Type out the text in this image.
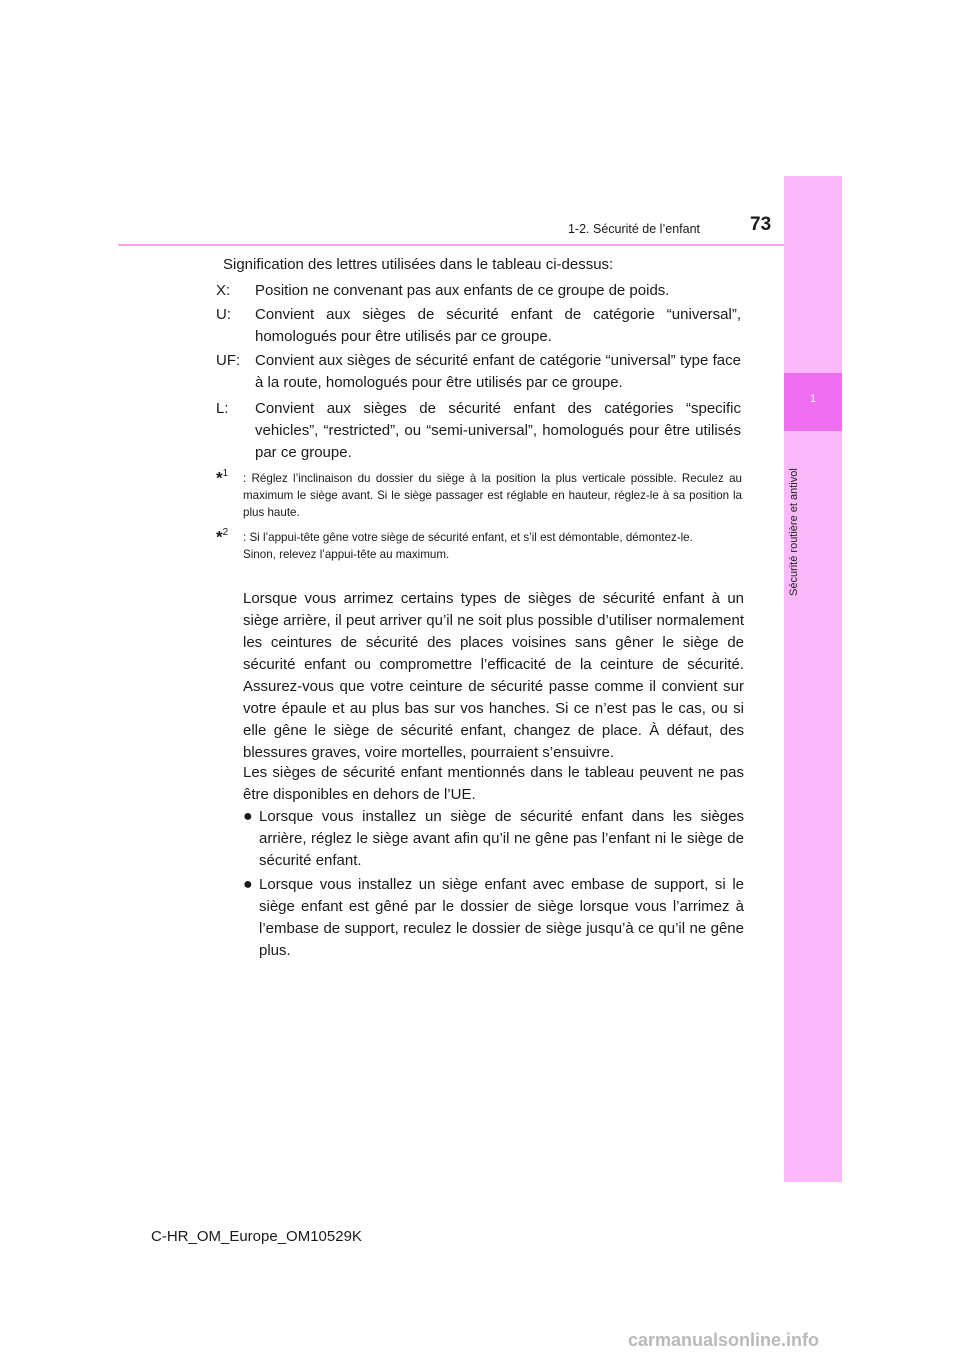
1-2. Sécurité de l’enfant	73
1
Sécurité routière et antivol
Signification des lettres utilisées dans le tableau ci-dessus:
X: Position ne convenant pas aux enfants de ce groupe de poids.
U: Convient aux sièges de sécurité enfant de catégorie “universal”, homologués pour être utilisés par ce groupe.
UF: Convient aux sièges de sécurité enfant de catégorie “universal” type face à la route, homologués pour être utilisés par ce groupe.
L: Convient aux sièges de sécurité enfant des catégories “specific vehicles”, “restricted”, ou “semi-universal”, homologués pour être utilisés par ce groupe.
*$^1$ : Réglez l’inclinaison du dossier du siège à la position la plus verticale possible. Reculez au maximum le siège avant. Si le siège passager est réglable en hauteur, réglez-le à sa position la plus haute.
*$^2$ : Si l’appui-tête gêne votre siège de sécurité enfant, et s’il est démontable, démontez-le.
Sinon, relevez l’appui-tête au maximum.
Lorsque vous arrimez certains types de sièges de sécurité enfant à un siège arrière, il peut arriver qu’il ne soit plus possible d’utiliser normalement les ceintures de sécurité des places voisines sans gêner le siège de sécurité enfant ou compromettre l’efficacité de la ceinture de sécurité. Assurez-vous que votre ceinture de sécurité passe comme il convient sur votre épaule et au plus bas sur vos hanches. Si ce n’est pas le cas, ou si elle gêne le siège de sécurité enfant, changez de place. À défaut, des blessures graves, voire mortelles, pourraient s’ensuivre.
Les sièges de sécurité enfant mentionnés dans le tableau peuvent ne pas être disponibles en dehors de l’UE.
● Lorsque vous installez un siège de sécurité enfant dans les sièges arrière, réglez le siège avant afin qu’il ne gêne pas l’enfant ni le siège de sécurité enfant.
● Lorsque vous installez un siège enfant avec embase de support, si le siège enfant est gêné par le dossier de siège lorsque vous l’arrimez à l’embase de support, reculez le dossier de siège jusqu’à ce qu’il ne gêne plus.
C-HR_OM_Europe_OM10529K
carmanualsonline.info
